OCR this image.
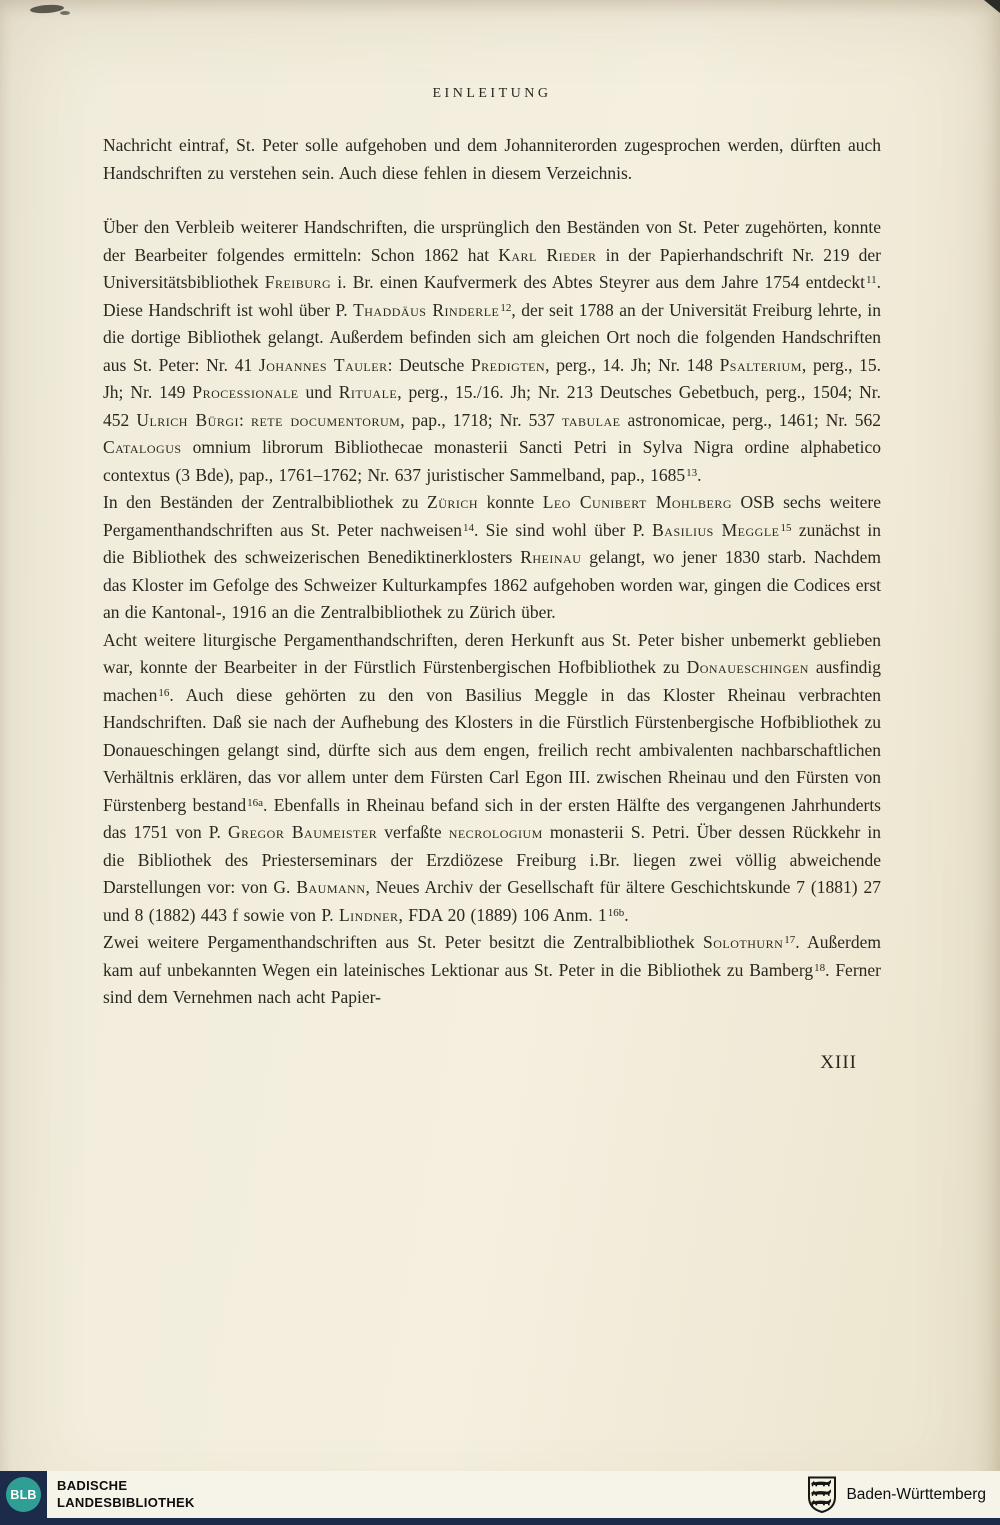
EINLEITUNG

Nachricht eintraf, St. Peter solle aufgehoben und dem Johanniterorden zugesprochen werden, dürften auch Handschriften zu verstehen sein. Auch diese fehlen in diesem Verzeichnis.

Über den Verbleib weiterer Handschriften, die ursprünglich den Beständen von St. Peter zugehörten, konnte der Bearbeiter folgendes ermitteln: Schon 1862 hat Karl Rieder in der Papierhandschrift Nr. 219 der Universitätsbibliothek Freiburg i. Br. einen Kaufvermerk des Abtes Steyrer aus dem Jahre 1754 entdeckt$^{11}$. Diese Handschrift ist wohl über P. Thaddäus Rinderle$^{12}$, der seit 1788 an der Universität Freiburg lehrte, in die dortige Bibliothek gelangt. Außerdem befinden sich am gleichen Ort noch die folgenden Handschriften aus St. Peter: Nr. 41 Johannes Tauler: Deutsche Predigten, perg., 14. Jh; Nr. 148 Psalterium, perg., 15. Jh; Nr. 149 Processionale und Rituale, perg., 15./16. Jh; Nr. 213 Deutsches Gebetbuch, perg., 1504; Nr. 452 Ulrich Bürgi: rete documentorum, pap., 1718; Nr. 537 tabulae astronomicae, perg., 1461; Nr. 562 Catalogus omnium librorum Bibliothecae monasterii Sancti Petri in Sylva Nigra ordine alphabetico contextus (3 Bde), pap., 1761–1762; Nr. 637 juristischer Sammelband, pap., 1685$^{13}$.

In den Beständen der Zentralbibliothek zu Zürich konnte Leo Cunibert Mohlberg OSB sechs weitere Pergamenthandschriften aus St. Peter nachweisen$^{14}$. Sie sind wohl über P. Basilius Meggle$^{15}$ zunächst in die Bibliothek des schweizerischen Benediktinerklosters Rheinau gelangt, wo jener 1830 starb. Nachdem das Kloster im Gefolge des Schweizer Kulturkampfes 1862 aufgehoben worden war, gingen die Codices erst an die Kantonal-, 1916 an die Zentralbibliothek zu Zürich über.

Acht weitere liturgische Pergamenthandschriften, deren Herkunft aus St. Peter bisher unbemerkt geblieben war, konnte der Bearbeiter in der Fürstlich Fürstenbergischen Hofbibliothek zu Donaueschingen ausfindig machen$^{16}$. Auch diese gehörten zu den von Basilius Meggle in das Kloster Rheinau verbrachten Handschriften. Daß sie nach der Aufhebung des Klosters in die Fürstlich Fürstenbergische Hofbibliothek zu Donaueschingen gelangt sind, dürfte sich aus dem engen, freilich recht ambivalenten nachbarschaftlichen Verhältnis erklären, das vor allem unter dem Fürsten Carl Egon III. zwischen Rheinau und den Fürsten von Fürstenberg bestand$^{16a}$. Ebenfalls in Rheinau befand sich in der ersten Hälfte des vergangenen Jahrhunderts das 1751 von P. Gregor Baumeister verfaßte necrologium monasterii S. Petri. Über dessen Rückkehr in die Bibliothek des Priesterseminars der Erzdiözese Freiburg i.Br. liegen zwei völlig abweichende Darstellungen vor: von G. Baumann, Neues Archiv der Gesellschaft für ältere Geschichtskunde 7 (1881) 27 und 8 (1882) 443 f sowie von P. Lindner, FDA 20 (1889) 106 Anm. $1^{16b}$.

Zwei weitere Pergamenthandschriften aus St. Peter besitzt die Zentralbibliothek Solothurn$^{17}$. Außerdem kam auf unbekannten Wegen ein lateinisches Lektionar aus St. Peter in die Bibliothek zu Bamberg$^{18}$. Ferner sind dem Vernehmen nach acht Papier-

XIII
BLB
BADISCHE
LANDESBIBLIOTHEK	Baden-Württemberg
